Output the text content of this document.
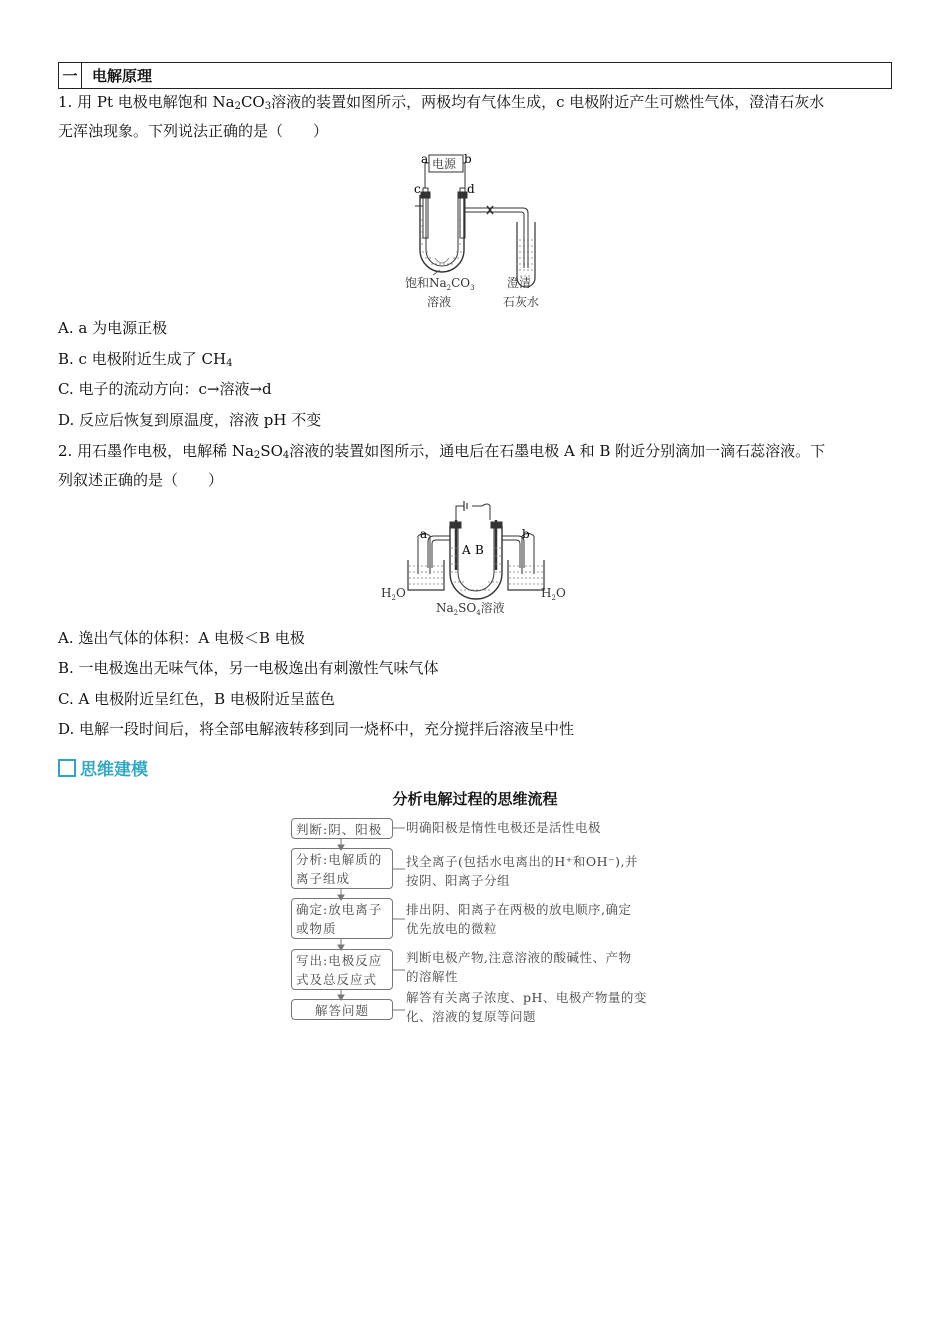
一 电解原理
1. 用 Pt 电极电解饱和 $Na_2CO_3$溶液的装置如图所示，两极均有气体生成，c 电极附近产生可燃性气体，澄清石灰水
无浑浊现象。下列说法正确的是（　　）
a	b
电源
c	d
饱和$Na_2CO_3$
溶液
澄清
石灰水
A. a 为电源正极
B. c 电极附近生成了 $CH_4$
C. 电子的流动方向：c→溶液→d
D. 反应后恢复到原温度，溶液 pH 不变
2. 用石墨作电极，电解稀 $Na_2SO_4$溶液的装置如图所示，通电后在石墨电极 A 和 B 附近分别滴加一滴石蕊溶液。下
列叙述正确的是（　　）
a	b
A B
$H_2O$	$H_2O$
$Na_2SO_4$溶液
A. 逸出气体的体积：A 电极＜B 电极
B. 一电极逸出无味气体，另一电极逸出有刺激性气味气体
C. A 电极附近呈红色，B 电极附近呈蓝色
D. 电解一段时间后，将全部电解液转移到同一烧杯中，充分搅拌后溶液呈中性
思维建模
分析电解过程的思维流程
判断:阴、阳极	明确阳极是惰性电极还是活性电极
分析:电解质的
离子组成
找全离子(包括水电离出的H⁺和OH⁻),并
按阴、阳离子分组
确定:放电离子
或物质
排出阴、阳离子在两极的放电顺序,确定
优先放电的微粒
写出:电极反应
式及总反应式
判断电极产物,注意溶液的酸碱性、产物
的溶解性
解答问题
解答有关离子浓度、pH、电极产物量的变
化、溶液的复原等问题
